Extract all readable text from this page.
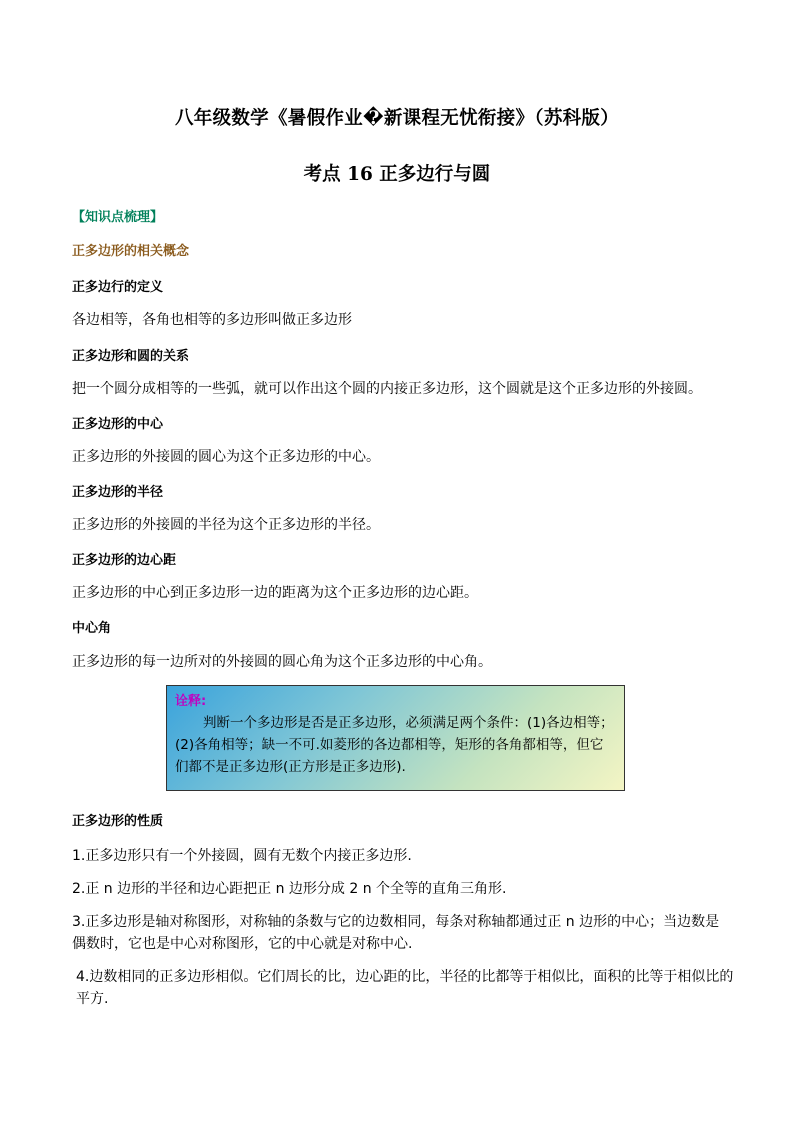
八年级数学《暑假作业�新课程无忧衔接》（苏科版）
考点 16 正多边行与圆
【知识点梳理】
正多边形的相关概念
正多边行的定义
各边相等，各角也相等的多边形叫做正多边形
正多边形和圆的关系
把一个圆分成相等的一些弧，就可以作出这个圆的内接正多边形，这个圆就是这个正多边形的外接圆。
正多边形的中心
正多边形的外接圆的圆心为这个正多边形的中心。
正多边形的半径
正多边形的外接圆的半径为这个正多边形的半径。
正多边形的边心距
正多边形的中心到正多边形一边的距离为这个正多边形的边心距。
中心角
正多边形的每一边所对的外接圆的圆心角为这个正多边形的中心角。
诠释:
判断一个多边形是否是正多边形，必须满足两个条件：(1)各边相等；(2)各角相等；缺一不可.如菱形的各边都相等，矩形的各角都相等，但它们都不是正多边形(正方形是正多边形).
正多边形的性质
1.正多边形只有一个外接圆，圆有无数个内接正多边形.
2.正 n 边形的半径和边心距把正 n 边形分成 2 n 个全等的直角三角形.
3.正多边形是轴对称图形，对称轴的条数与它的边数相同，每条对称轴都通过正 n 边形的中心；当边数是偶数时，它也是中心对称图形，它的中心就是对称中心.
4.边数相同的正多边形相似。它们周长的比，边心距的比，半径的比都等于相似比，面积的比等于相似比的平方.
